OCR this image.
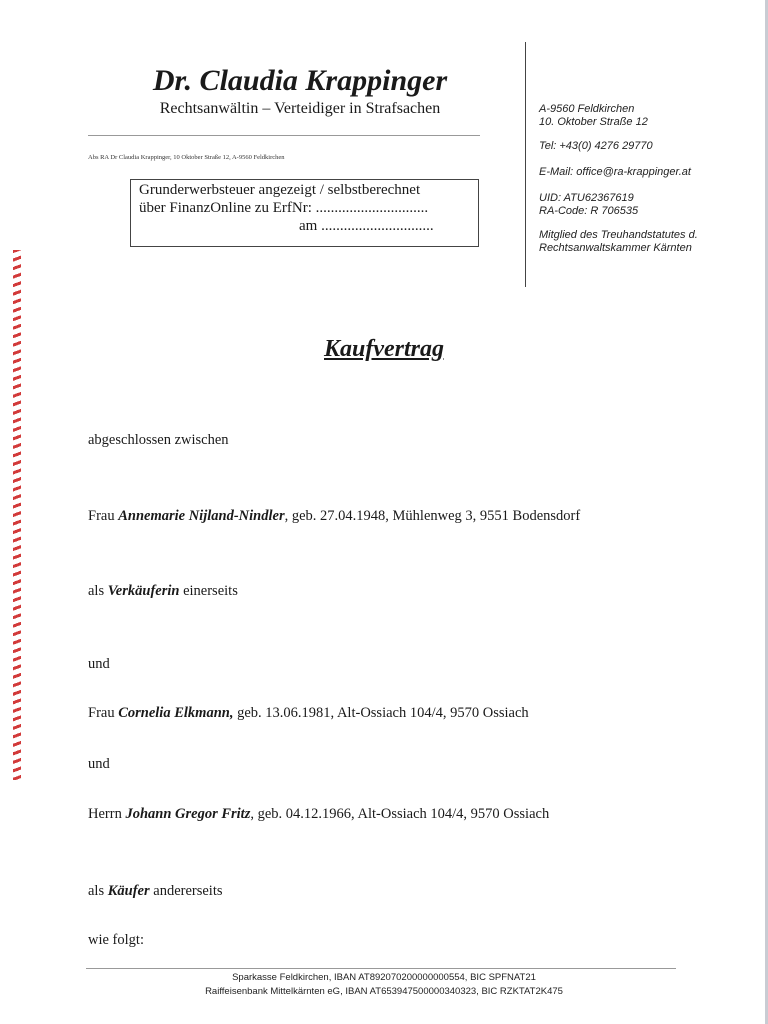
Dr. Claudia Krappinger
Rechtsanwältin – Verteidiger in Strafsachen
Abs RA Dr Claudia Krappinger, 10 Oktober Straße 12, A-9560 Feldkirchen
Grunderwerbsteuer angezeigt / selbstberechnet
über FinanzOnline zu ErfNr: ..............................
am ..............................
A-9560 Feldkirchen
10. Oktober Straße 12
Tel: +43(0) 4276 29770
E-Mail: office@ra-krappinger.at
UID: ATU62367619
RA-Code: R 706535
Mitglied des Treuhandstatutes d.
Rechtsanwaltskammer Kärnten
Kaufvertrag
abgeschlossen zwischen
Frau Annemarie Nijland-Nindler, geb. 27.04.1948, Mühlenweg 3, 9551 Bodensdorf
als Verkäuferin einerseits
und
Frau Cornelia Elkmann, geb. 13.06.1981, Alt-Ossiach 104/4, 9570 Ossiach
und
Herrn Johann Gregor Fritz, geb. 04.12.1966, Alt-Ossiach 104/4, 9570 Ossiach
als Käufer andererseits
wie folgt:
Sparkasse Feldkirchen, IBAN AT892070200000000554, BIC SPFNAT21
Raiffeisenbank Mittelkärnten eG, IBAN AT653947500000340323, BIC RZKTAT2K475
